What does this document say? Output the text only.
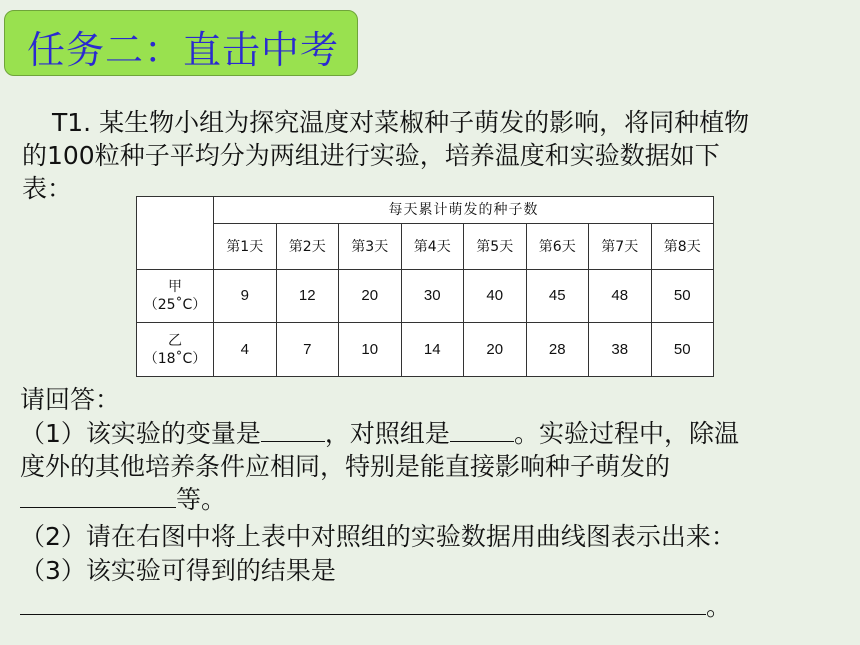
任务二：直击中考
T1. 某生物小组为探究温度对菜椒种子萌发的影响，将同种植物
的100粒种子平均分为两组进行实验，培养温度和实验数据如下
表：
	每天累计萌发的种子数							
	第1天	第2天	第3天	第4天	第5天	第6天	第7天	第8天

甲
（25˚C）	9	12	20	30	40	45	48	50

乙
（18˚C）	4	7	10	14	20	28	38	50
请回答：
（1）该实验的变量是	，对照组是	。实验过程中，除温
度外的其他培养条件应相同，特别是能直接影响种子萌发的
等。
（2）请在右图中将上表中对照组的实验数据用曲线图表示出来：
（3）该实验可得到的结果是
。
